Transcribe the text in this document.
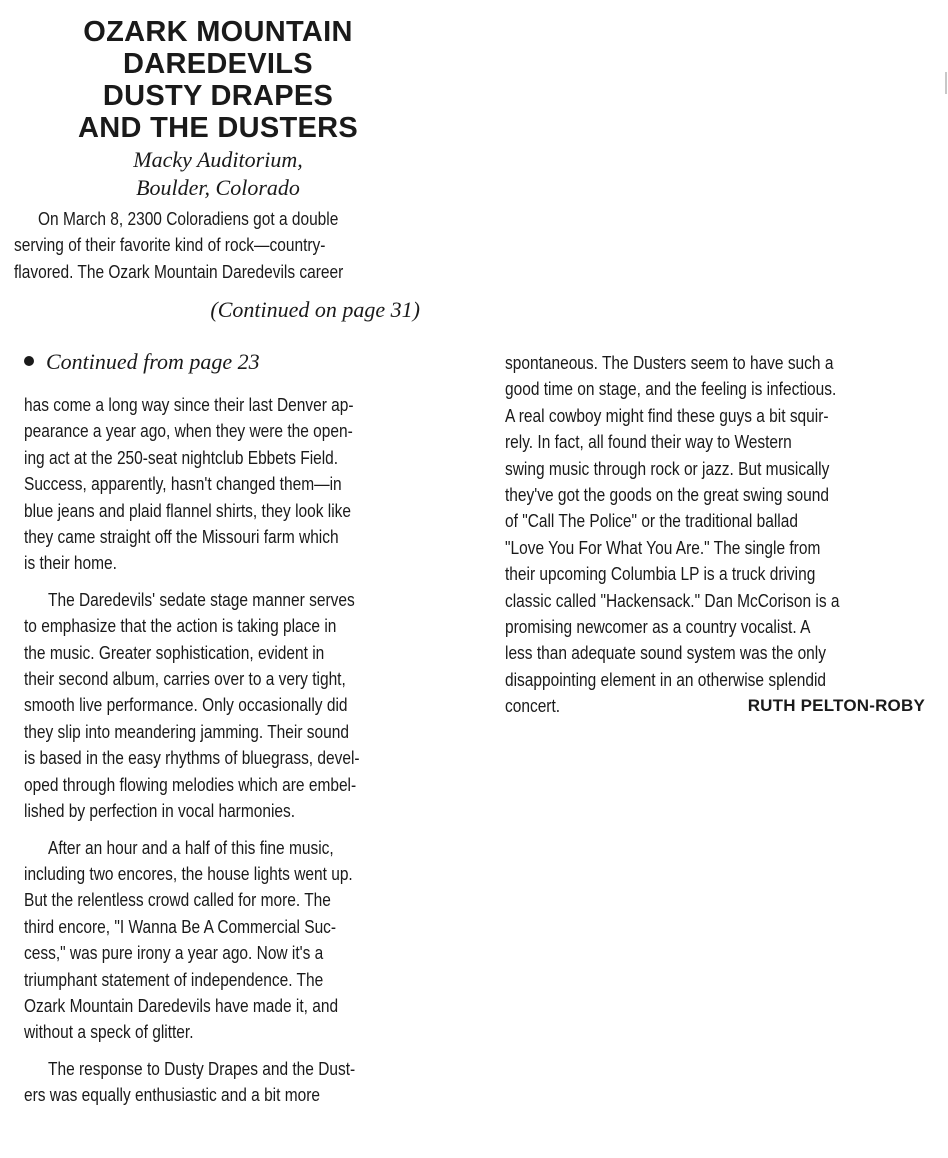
OZARK MOUNTAIN
DAREDEVILS
DUSTY DRAPES
AND THE DUSTERS
Macky Auditorium,
Boulder, Colorado
On March 8, 2300 Coloradiens got a double
serving of their favorite kind of rock—country-
flavored. The Ozark Mountain Daredevils career
(Continued on page 31)
Continued from page 23
has come a long way since their last Denver ap-
pearance a year ago, when they were the open-
ing act at the 250-seat nightclub Ebbets Field.
Success, apparently, hasn't changed them—in
blue jeans and plaid flannel shirts, they look like
they came straight off the Missouri farm which
is their home.
The Daredevils' sedate stage manner serves
to emphasize that the action is taking place in
the music. Greater sophistication, evident in
their second album, carries over to a very tight,
smooth live performance. Only occasionally did
they slip into meandering jamming. Their sound
is based in the easy rhythms of bluegrass, devel-
oped through flowing melodies which are embel-
lished by perfection in vocal harmonies.
After an hour and a half of this fine music,
including two encores, the house lights went up.
But the relentless crowd called for more. The
third encore, "I Wanna Be A Commercial Suc-
cess," was pure irony a year ago. Now it's a
triumphant statement of independence. The
Ozark Mountain Daredevils have made it, and
without a speck of glitter.
The response to Dusty Drapes and the Dust-
ers was equally enthusiastic and a bit more
spontaneous. The Dusters seem to have such a
good time on stage, and the feeling is infectious.
A real cowboy might find these guys a bit squir-
rely. In fact, all found their way to Western
swing music through rock or jazz. But musically
they've got the goods on the great swing sound
of "Call The Police" or the traditional ballad
"Love You For What You Are." The single from
their upcoming Columbia LP is a truck driving
classic called "Hackensack." Dan McCorison is a
promising newcomer as a country vocalist. A
less than adequate sound system was the only
disappointing element in an otherwise splendid
concert.	RUTH PELTON-ROBY
